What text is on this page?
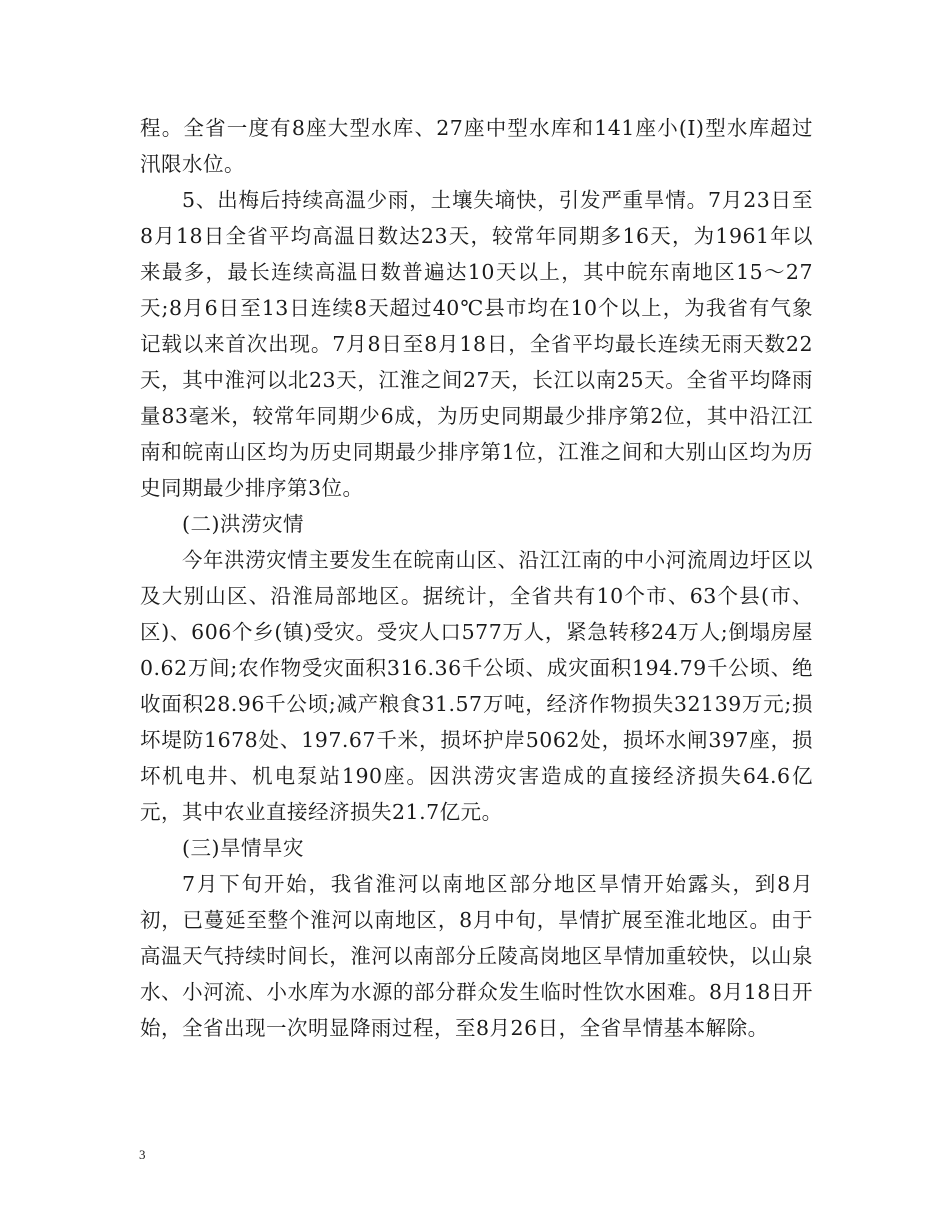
程。全省一度有8座大型水库、27座中型水库和141座小(I)型水库超过汛限水位。

5、出梅后持续高温少雨，土壤失墒快，引发严重旱情。7月23日至8月18日全省平均高温日数达23天，较常年同期多16天，为1961年以来最多，最长连续高温日数普遍达10天以上，其中皖东南地区15～27天;8月6日至13日连续8天超过40℃县市均在10个以上，为我省有气象记载以来首次出现。7月8日至8月18日，全省平均最长连续无雨天数22天，其中淮河以北23天，江淮之间27天，长江以南25天。全省平均降雨量83毫米，较常年同期少6成，为历史同期最少排序第2位，其中沿江江南和皖南山区均为历史同期最少排序第1位，江淮之间和大别山区均为历史同期最少排序第3位。

(二)洪涝灾情

今年洪涝灾情主要发生在皖南山区、沿江江南的中小河流周边圩区以及大别山区、沿淮局部地区。据统计，全省共有10个市、63个县(市、区)、606个乡(镇)受灾。受灾人口577万人，紧急转移24万人;倒塌房屋0.62万间;农作物受灾面积316.36千公顷、成灾面积194.79千公顷、绝收面积28.96千公顷;减产粮食31.57万吨，经济作物损失32139万元;损坏堤防1678处、197.67千米，损坏护岸5062处，损坏水闸397座，损坏机电井、机电泵站190座。因洪涝灾害造成的直接经济损失64.6亿元，其中农业直接经济损失21.7亿元。

(三)旱情旱灾

7月下旬开始，我省淮河以南地区部分地区旱情开始露头，到8月初，已蔓延至整个淮河以南地区，8月中旬，旱情扩展至淮北地区。由于高温天气持续时间长，淮河以南部分丘陵高岗地区旱情加重较快，以山泉水、小河流、小水库为水源的部分群众发生临时性饮水困难。8月18日开始，全省出现一次明显降雨过程，至8月26日，全省旱情基本解除。

3
